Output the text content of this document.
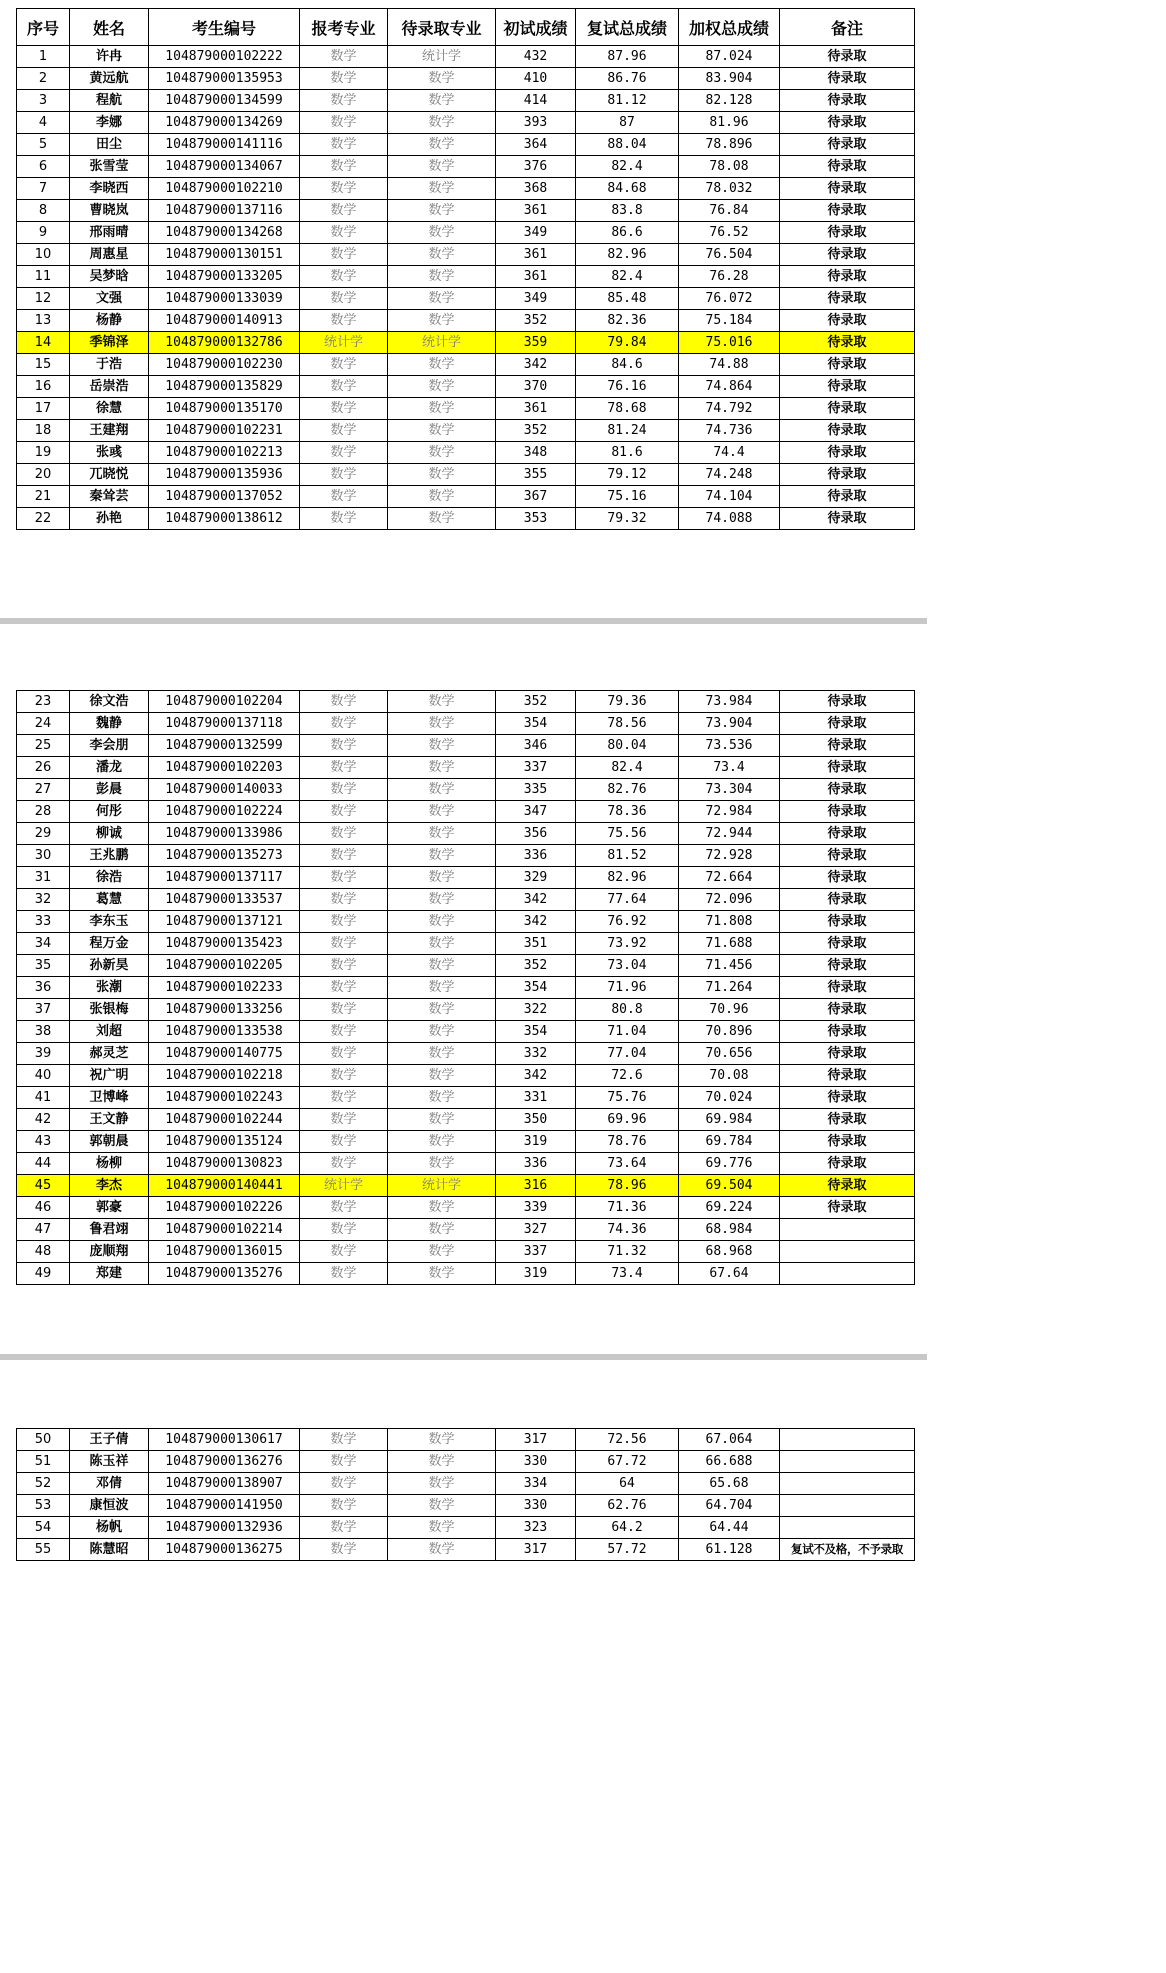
序号	姓名	考生编号	报考专业	待录取专业	初试成绩	复试总成绩	加权总成绩	备注
1	许冉	104879000102222	数学	统计学	432	87.96	87.024	待录取
2	黄远航	104879000135953	数学	数学	410	86.76	83.904	待录取
3	程航	104879000134599	数学	数学	414	81.12	82.128	待录取
4	李娜	104879000134269	数学	数学	393	87	81.96	待录取
5	田尘	104879000141116	数学	数学	364	88.04	78.896	待录取
6	张雪莹	104879000134067	数学	数学	376	82.4	78.08	待录取
7	李晓西	104879000102210	数学	数学	368	84.68	78.032	待录取
8	曹晓岚	104879000137116	数学	数学	361	83.8	76.84	待录取
9	邢雨晴	104879000134268	数学	数学	349	86.6	76.52	待录取
10	周惠星	104879000130151	数学	数学	361	82.96	76.504	待录取
11	吴梦晗	104879000133205	数学	数学	361	82.4	76.28	待录取
12	文强	104879000133039	数学	数学	349	85.48	76.072	待录取
13	杨静	104879000140913	数学	数学	352	82.36	75.184	待录取
14	季锦泽	104879000132786	统计学	统计学	359	79.84	75.016	待录取
15	于浩	104879000102230	数学	数学	342	84.6	74.88	待录取
16	岳崇浩	104879000135829	数学	数学	370	76.16	74.864	待录取
17	徐慧	104879000135170	数学	数学	361	78.68	74.792	待录取
18	王建翔	104879000102231	数学	数学	352	81.24	74.736	待录取
19	张彧	104879000102213	数学	数学	348	81.6	74.4	待录取
20	兀晓悦	104879000135936	数学	数学	355	79.12	74.248	待录取
21	秦耸芸	104879000137052	数学	数学	367	75.16	74.104	待录取
22	孙艳	104879000138612	数学	数学	353	79.32	74.088	待录取
23	徐文浩	104879000102204	数学	数学	352	79.36	73.984	待录取
24	魏静	104879000137118	数学	数学	354	78.56	73.904	待录取
25	李会朋	104879000132599	数学	数学	346	80.04	73.536	待录取
26	潘龙	104879000102203	数学	数学	337	82.4	73.4	待录取
27	彭晨	104879000140033	数学	数学	335	82.76	73.304	待录取
28	何彤	104879000102224	数学	数学	347	78.36	72.984	待录取
29	柳诚	104879000133986	数学	数学	356	75.56	72.944	待录取
30	王兆鹏	104879000135273	数学	数学	336	81.52	72.928	待录取
31	徐浩	104879000137117	数学	数学	329	82.96	72.664	待录取
32	葛慧	104879000133537	数学	数学	342	77.64	72.096	待录取
33	李东玉	104879000137121	数学	数学	342	76.92	71.808	待录取
34	程万金	104879000135423	数学	数学	351	73.92	71.688	待录取
35	孙新昊	104879000102205	数学	数学	352	73.04	71.456	待录取
36	张潮	104879000102233	数学	数学	354	71.96	71.264	待录取
37	张银梅	104879000133256	数学	数学	322	80.8	70.96	待录取
38	刘超	104879000133538	数学	数学	354	71.04	70.896	待录取
39	郝灵芝	104879000140775	数学	数学	332	77.04	70.656	待录取
40	祝广明	104879000102218	数学	数学	342	72.6	70.08	待录取
41	卫博峰	104879000102243	数学	数学	331	75.76	70.024	待录取
42	王文静	104879000102244	数学	数学	350	69.96	69.984	待录取
43	郭朝晨	104879000135124	数学	数学	319	78.76	69.784	待录取
44	杨柳	104879000130823	数学	数学	336	73.64	69.776	待录取
45	李杰	104879000140441	统计学	统计学	316	78.96	69.504	待录取
46	郭豪	104879000102226	数学	数学	339	71.36	69.224	待录取
47	鲁君翊	104879000102214	数学	数学	327	74.36	68.984	
48	庞顺翔	104879000136015	数学	数学	337	71.32	68.968	
49	郑建	104879000135276	数学	数学	319	73.4	67.64	
50	王子倩	104879000130617	数学	数学	317	72.56	67.064	
51	陈玉祥	104879000136276	数学	数学	330	67.72	66.688	
52	邓倩	104879000138907	数学	数学	334	64	65.68	
53	康恒波	104879000141950	数学	数学	330	62.76	64.704	
54	杨帆	104879000132936	数学	数学	323	64.2	64.44	
55	陈慧昭	104879000136275	数学	数学	317	57.72	61.128	复试不及格，不予录取
